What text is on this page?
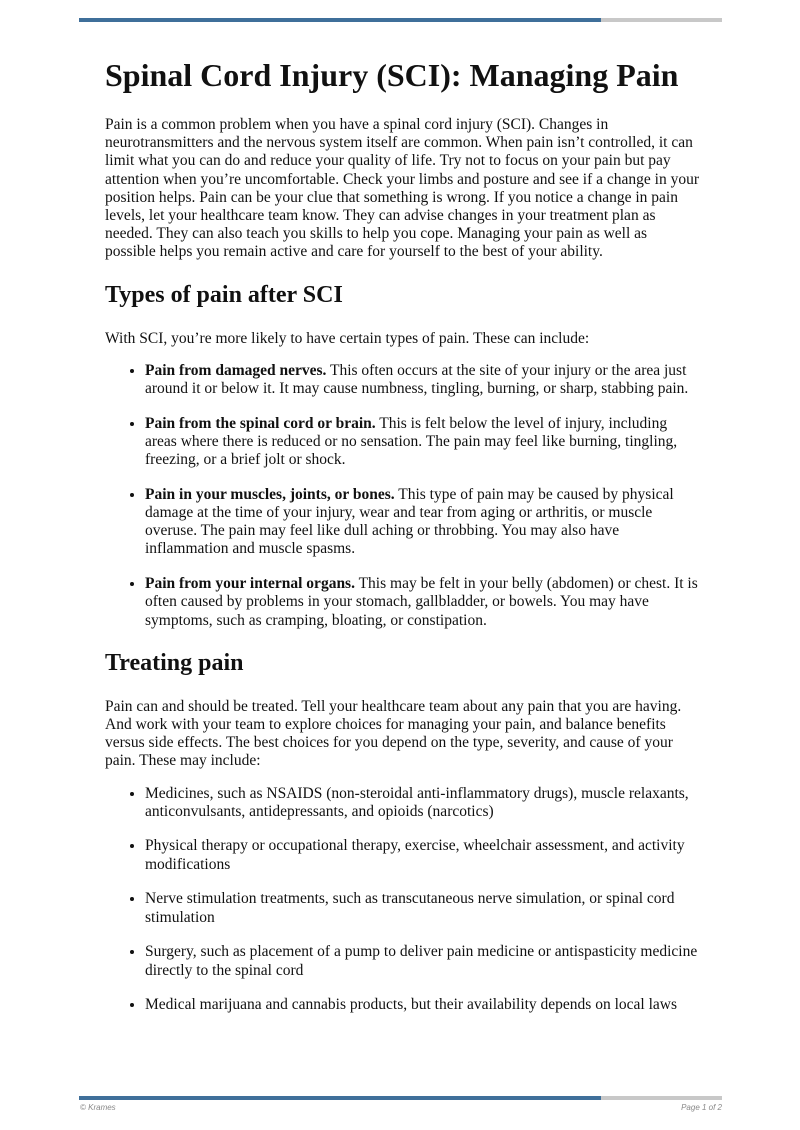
Spinal Cord Injury (SCI): Managing Pain

Pain is a common problem when you have a spinal cord injury (SCI). Changes in neurotransmitters and the nervous system itself are common. When pain isn’t controlled, it can limit what you can do and reduce your quality of life. Try not to focus on your pain but pay attention when you’re uncomfortable. Check your limbs and posture and see if a change in your position helps. Pain can be your clue that something is wrong. If you notice a change in pain levels, let your healthcare team know. They can advise changes in your treatment plan as needed. They can also teach you skills to help you cope. Managing your pain as well as possible helps you remain active and care for yourself to the best of your ability.

Types of pain after SCI

With SCI, you’re more likely to have certain types of pain. These can include:

• Pain from damaged nerves. This often occurs at the site of your injury or the area just around it or below it. It may cause numbness, tingling, burning, or sharp, stabbing pain.
• Pain from the spinal cord or brain. This is felt below the level of injury, including areas where there is reduced or no sensation. The pain may feel like burning, tingling, freezing, or a brief jolt or shock.
• Pain in your muscles, joints, or bones. This type of pain may be caused by physical damage at the time of your injury, wear and tear from aging or arthritis, or muscle overuse. The pain may feel like dull aching or throbbing. You may also have inflammation and muscle spasms.
• Pain from your internal organs. This may be felt in your belly (abdomen) or chest. It is often caused by problems in your stomach, gallbladder, or bowels. You may have symptoms, such as cramping, bloating, or constipation.
Treating pain

Pain can and should be treated. Tell your healthcare team about any pain that you are having. And work with your team to explore choices for managing your pain, and balance benefits versus side effects. The best choices for you depend on the type, severity, and cause of your pain. These may include:

• Medicines, such as NSAIDS (non-steroidal anti-inflammatory drugs), muscle relaxants, anticonvulsants, antidepressants, and opioids (narcotics)
• Physical therapy or occupational therapy, exercise, wheelchair assessment, and activity modifications
• Nerve stimulation treatments, such as transcutaneous nerve simulation, or spinal cord stimulation
• Surgery, such as placement of a pump to deliver pain medicine or antispasticity medicine directly to the spinal cord
• Medical marijuana and cannabis products, but their availability depends on local laws
© Krames	Page 1 of 2
